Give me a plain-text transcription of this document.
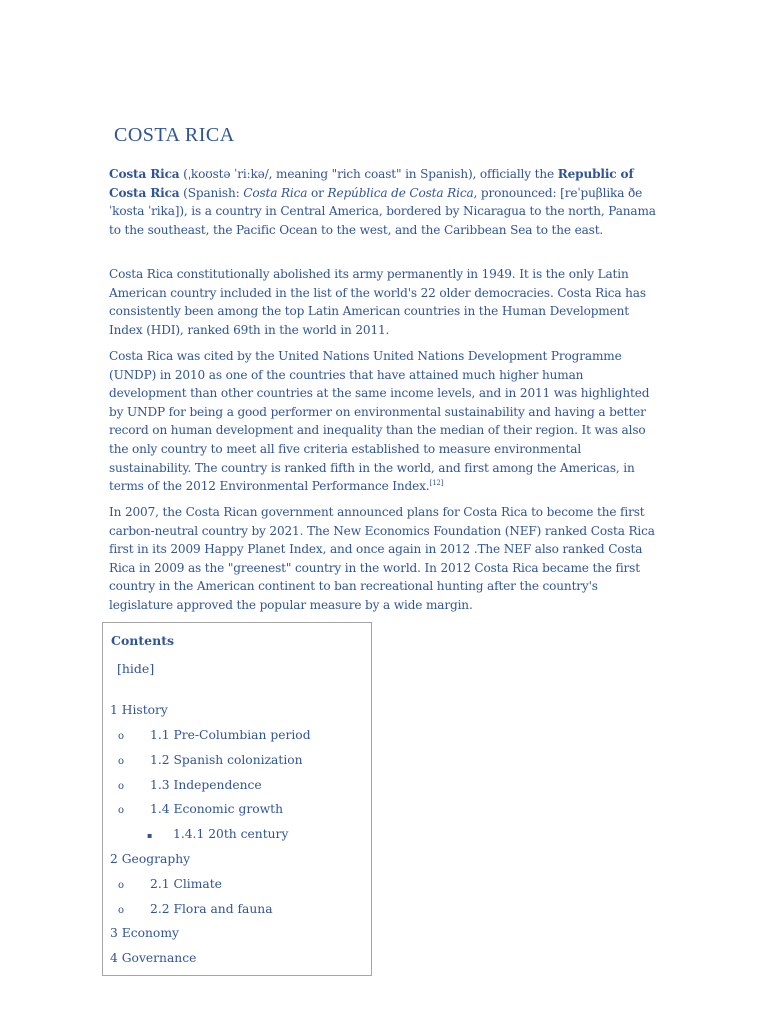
COSTA RICA

Costa Rica (ˌkoʊstə ˈriːkə/, meaning "rich coast" in Spanish), officially the Republic of Costa Rica (Spanish: Costa Rica or República de Costa Rica, pronounced: [reˈpuβlika ðe ˈkosta ˈrika]), is a country in Central America, bordered by Nicaragua to the north, Panama to the southeast, the Pacific Ocean to the west, and the Caribbean Sea to the east.

Costa Rica constitutionally abolished its army permanently in 1949. It is the only Latin American country included in the list of the world's 22 older democracies. Costa Rica has consistently been among the top Latin American countries in the Human Development Index (HDI), ranked 69th in the world in 2011.

Costa Rica was cited by the United Nations United Nations Development Programme (UNDP) in 2010 as one of the countries that have attained much higher human development than other countries at the same income levels, and in 2011 was highlighted by UNDP for being a good performer on environmental sustainability and having a better record on human development and inequality than the median of their region. It was also the only country to meet all five criteria established to measure environmental sustainability. The country is ranked fifth in the world, and first among the Americas, in terms of the 2012 Environmental Performance Index.[12]

In 2007, the Costa Rican government announced plans for Costa Rica to become the first carbon-neutral country by 2021. The New Economics Foundation (NEF) ranked Costa Rica first in its 2009 Happy Planet Index, and once again in 2012 .The NEF also ranked Costa Rica in 2009 as the "greenest" country in the world. In 2012 Costa Rica became the first country in the American continent to ban recreational hunting after the country's legislature approved the popular measure by a wide margin.

Contents
[hide]
1 History
o 1.1 Pre-Columbian period
o 1.2 Spanish colonization
o 1.3 Independence
o 1.4 Economic growth
▪ 1.4.1 20th century
2 Geography
o 2.1 Climate
o 2.2 Flora and fauna
3 Economy
4 Governance
